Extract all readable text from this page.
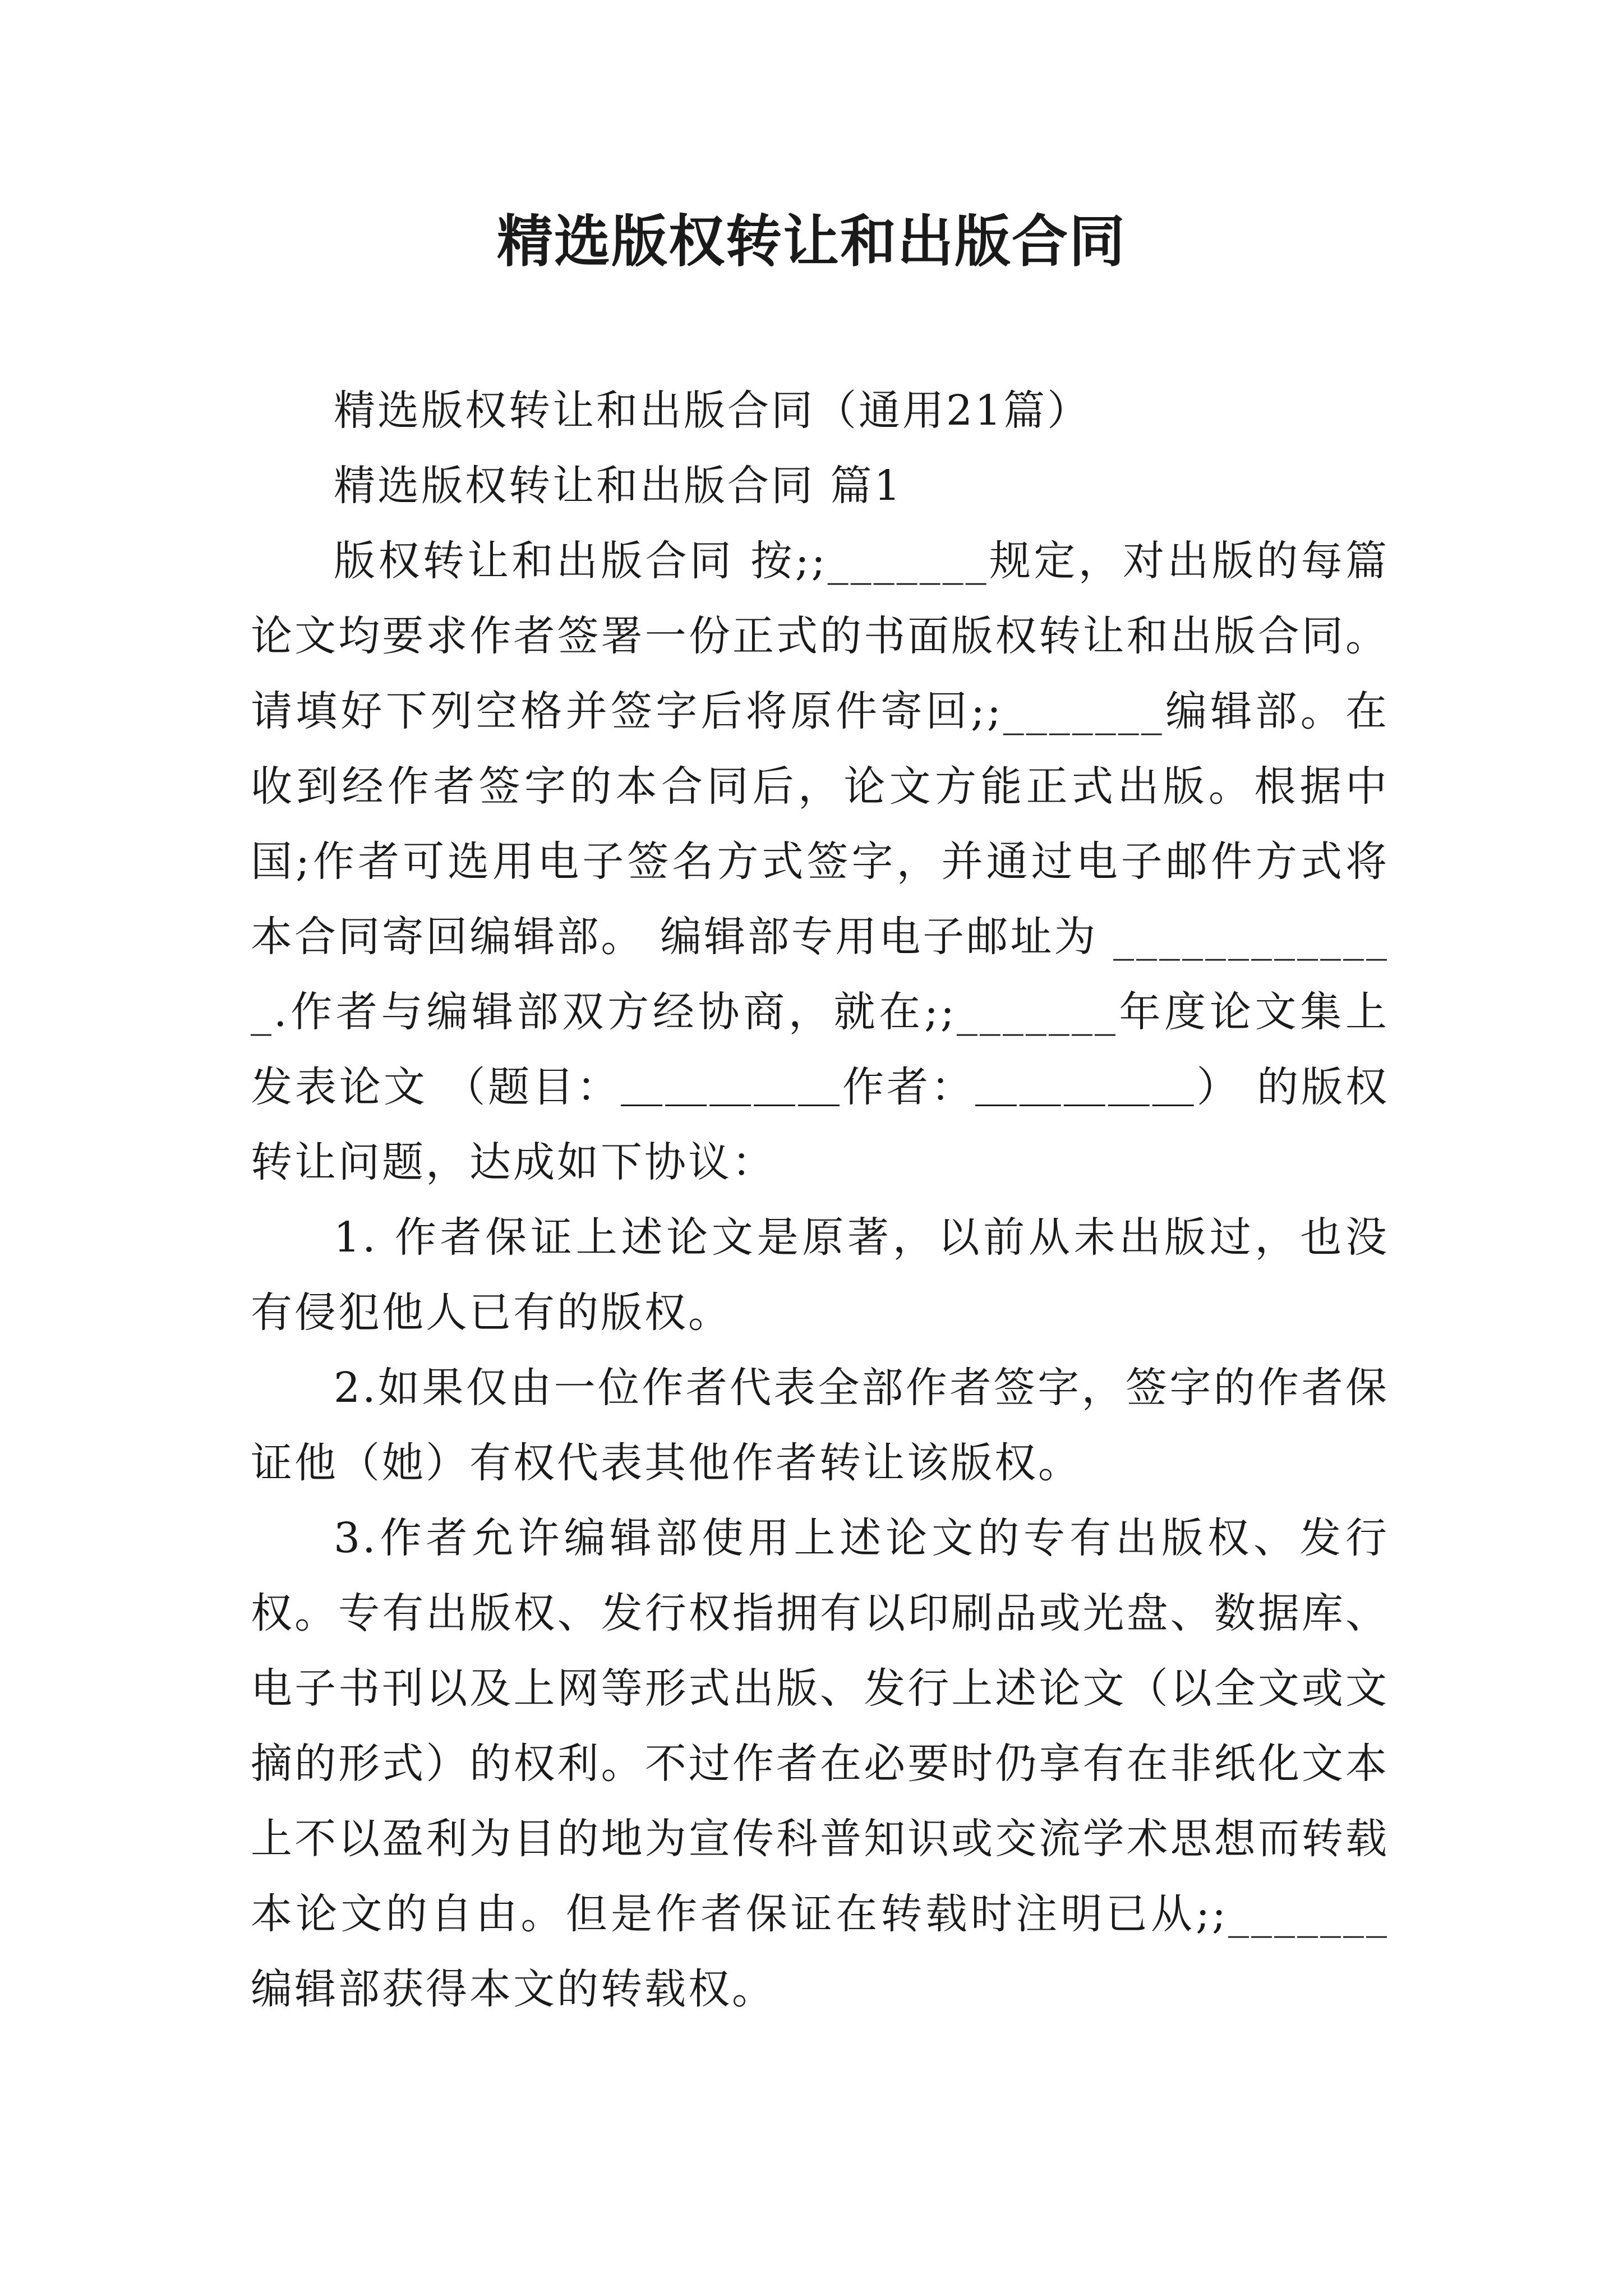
精选版权转让和出版合同

精选版权转让和出版合同（通用21篇）

精选版权转让和出版合同 篇1

版权转让和出版合同 按;;_______规定，对出版的每篇论文均要求作者签署一份正式的书面版权转让和出版合同。请填好下列空格并签字后将原件寄回;;_______编辑部。在收到经作者签字的本合同后，论文方能正式出版。根据中国;作者可选用电子签名方式签字，并通过电子邮件方式将本合同寄回编辑部。 编辑部专用电子邮址为 _____________.作者与编辑部双方经协商，就在;;_______年度论文集上发表论文 （题目：＿＿＿＿＿作者：＿＿＿＿＿） 的版权转让问题，达成如下协议：

1. 作者保证上述论文是原著，以前从未出版过，也没有侵犯他人已有的版权。

2.如果仅由一位作者代表全部作者签字，签字的作者保证他（她）有权代表其他作者转让该版权。

3.作者允许编辑部使用上述论文的专有出版权、发行权。专有出版权、发行权指拥有以印刷品或光盘、数据库、电子书刊以及上网等形式出版、发行上述论文（以全文或文摘的形式）的权利。不过作者在必要时仍享有在非纸化文本上不以盈利为目的地为宣传科普知识或交流学术思想而转载本论文的自由。但是作者保证在转载时注明已从;;_______编辑部获得本文的转载权。
